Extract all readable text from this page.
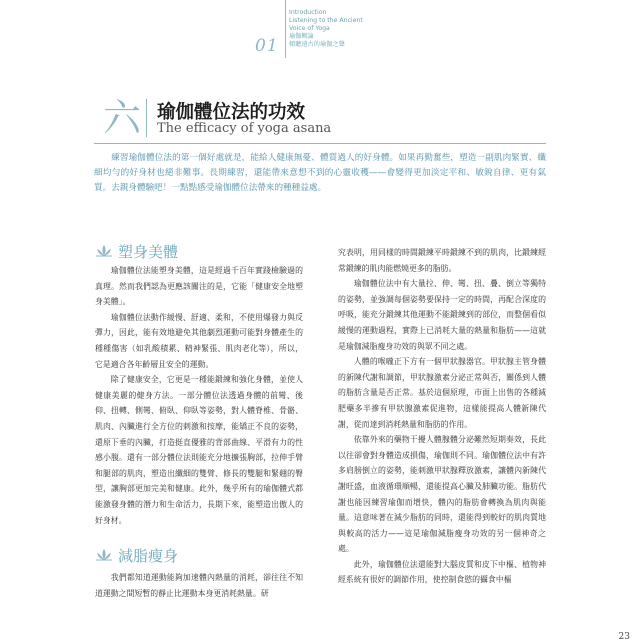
01
Introduction
Listening to the Ancient
Voice of Yoga
瑜伽概論
傾聽遠古的瑜伽之聲
六 瑜伽體位法的功效
The efficacy of yoga asana
練習瑜伽體位法的第一個好處就是，能給人健康無憂、體質過人的好身體。如果再勤奮些，塑造一副肌肉緊實、纖細均勻的好身材也絕非難事。長期練習，還能帶來意想不到的心靈收穫——會變得更加淡定平和、敏銳自律、更有氣質。去親身體驗吧！一點點感受瑜伽體位法帶來的種種益處。
塑身美體

瑜伽體位法能塑身美體，這是經過千百年實踐檢驗過的真理。然而我們認為更應該關注的是，它能「健康安全地塑身美體」。

瑜伽體位法動作緩慢、舒適、柔和，不使用爆發力與反彈力，因此，能有效地避免其他劇烈運動可能對身體產生的種種傷害（如乳酸積累、精神緊張、肌肉老化等），所以，它是適合各年齡層且安全的運動。

除了健康安全，它更是一種能鍛練和強化身體，並使人健康美麗的健身方法。一部分體位法透過身體的前彎、後仰、扭轉、側彎、俯臥、仰臥等姿勢，對人體脊椎、骨骼、肌肉、內臟進行全方位的刺激和按摩，能矯正不良的姿勢，還原下垂的內臟，打造挺直優雅的背部曲線、平滑有力的性感小腹。還有一部分體位法則能充分地擴張胸部，拉伸手臂和腿部的肌肉，塑造出纖細的雙臂、修長的雙腿和緊翹的臀型，讓胸部更加完美和健康。此外，幾乎所有的瑜伽體式都能激發身體的潛力和生命活力，長期下來，能塑造出傲人的好身材。

減脂瘦身

我們都知道運動能夠加速體內熱量的消耗，卻往往不知道運動之間短暫的靜止比運動本身更消耗熱量。研

究表明，用同樣的時間鍛練平時鍛練不到的肌肉，比鍛練經常鍛練的肌肉能燃燒更多的脂肪。

瑜伽體位法中有大量拉、伸、彎、扭、疊、倒立等獨特的姿勢，並強調每個姿勢要保持一定的時間，再配合深度的呼吸，能充分鍛練其他運動不能鍛練到的部位，而整個看似緩慢的運動過程，實際上已消耗大量的熱量和脂肪——這就是瑜伽減脂瘦身功效的與眾不同之處。

人體的喉嚨正下方有一個甲狀腺器官。甲狀腺主管身體的新陳代謝和調節，甲狀腺激素分泌正常與否，關係到人體的脂肪含量是否正常。基於這個原理，市面上出售的各種減肥藥多半摻有甲狀腺激素促進物，這樣能提高人體新陳代謝，從而達到消耗熱量和脂肪的作用。

依靠外來的藥物干擾人體腺體分泌難然短期奏效，長此以往卻會對身體造成損傷，瑜伽則不同。瑜伽體位法中有許多肩膀倒立的姿勢，能刺激甲狀腺釋放激素，讓體內新陳代謝旺盛，血液循環順暢，還能提高心臟及肺臟功能。脂肪代謝也能因練習瑜伽而增快，體內的脂肪會轉換為肌肉與能量。這意味著在減少脂肪的同時，還能得到較好的肌肉質地與較高的活力——這是瑜伽減脂瘦身功效的另一個神奇之處。

此外，瑜伽體位法還能對大腦皮質和皮下中樞、植物神經系統有很好的調節作用，使控制食慾的攝食中樞

23
